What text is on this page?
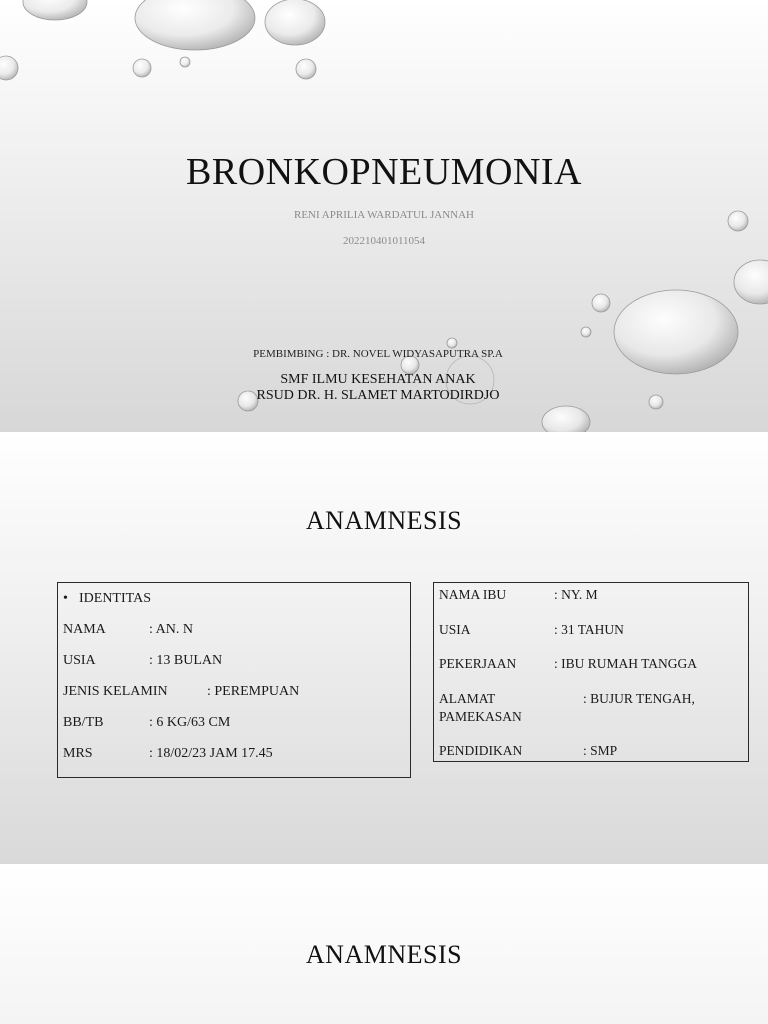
BRONKOPNEUMONIA
RENI APRILIA WARDATUL JANNAH
202210401011054
PEMBIMBING : DR. NOVEL WIDYASAPUTRA SP.A
SMF ILMU KESEHATAN ANAK
RSUD DR. H. SLAMET MARTODIRDJO
ANAMNESIS
• IDENTITAS
NAMA	: AN. N
USIA	: 13 BULAN
JENIS KELAMIN	: PEREMPUAN
BB/TB	: 6 KG/63 CM
MRS	: 18/02/23 JAM 17.45
NAMA IBU	: NY. M
USIA	: 31 TAHUN
PEKERJAAN	: IBU RUMAH TANGGA
ALAMAT	: BUJUR TENGAH,
PAMEKASAN
PENDIDIKAN	: SMP
ANAMNESIS
